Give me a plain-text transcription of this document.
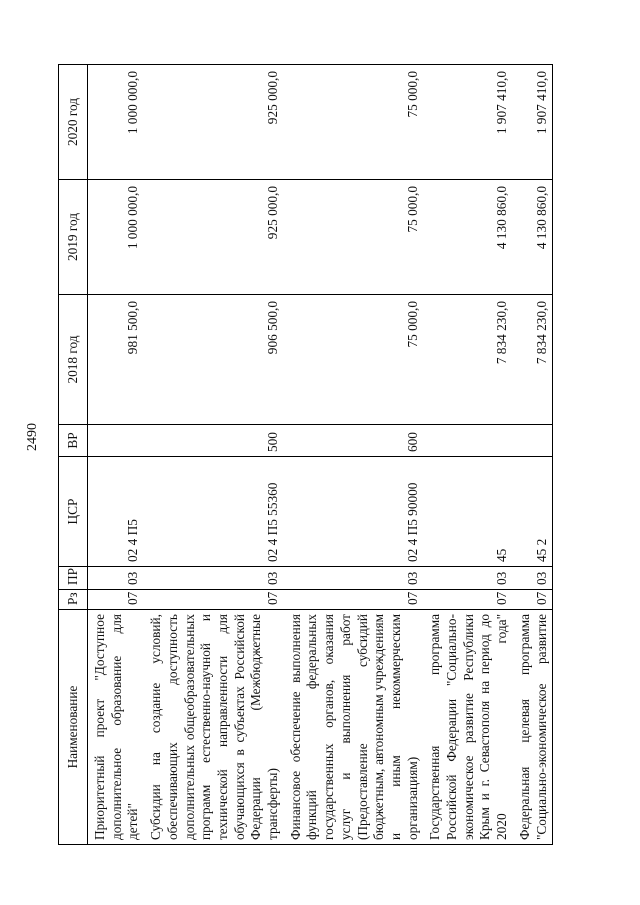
2490
Наименование	Рз	ПР	ЦСР	ВР	2018 год	2019 год	2020 год
Приоритетный проект "Доступное дополнительное образование для детей"	07	03	02 4 П5		981 500,0	1 000 000,0	1 000 000,0
Субсидии на создание условий, обеспечивающих доступность дополнительных общеобразовательных программ естественно-научной и технической направленности для обучающихся в субъектах Российской Федерации (Межбюджетные трансферты)	07	03	02 4 П5 55360	500	906 500,0	925 000,0	925 000,0
Финансовое обеспечение выполнения функций федеральных государственных органов, оказания услуг и выполнения работ (Предоставление субсидий бюджетным, автономным учреждениям и иным некоммерческим организациям)	07	03	02 4 П5 90000	600	75 000,0	75 000,0	75 000,0
Государственная программа Российской Федерации "Социально-экономическое развитие Республики Крым и г. Севастополя на период до 2020 года"	07	03	45		7 834 230,0	4 130 860,0	1 907 410,0
Федеральная целевая программа "Социально-экономическое развитие	07	03	45 2		7 834 230,0	4 130 860,0	1 907 410,0
